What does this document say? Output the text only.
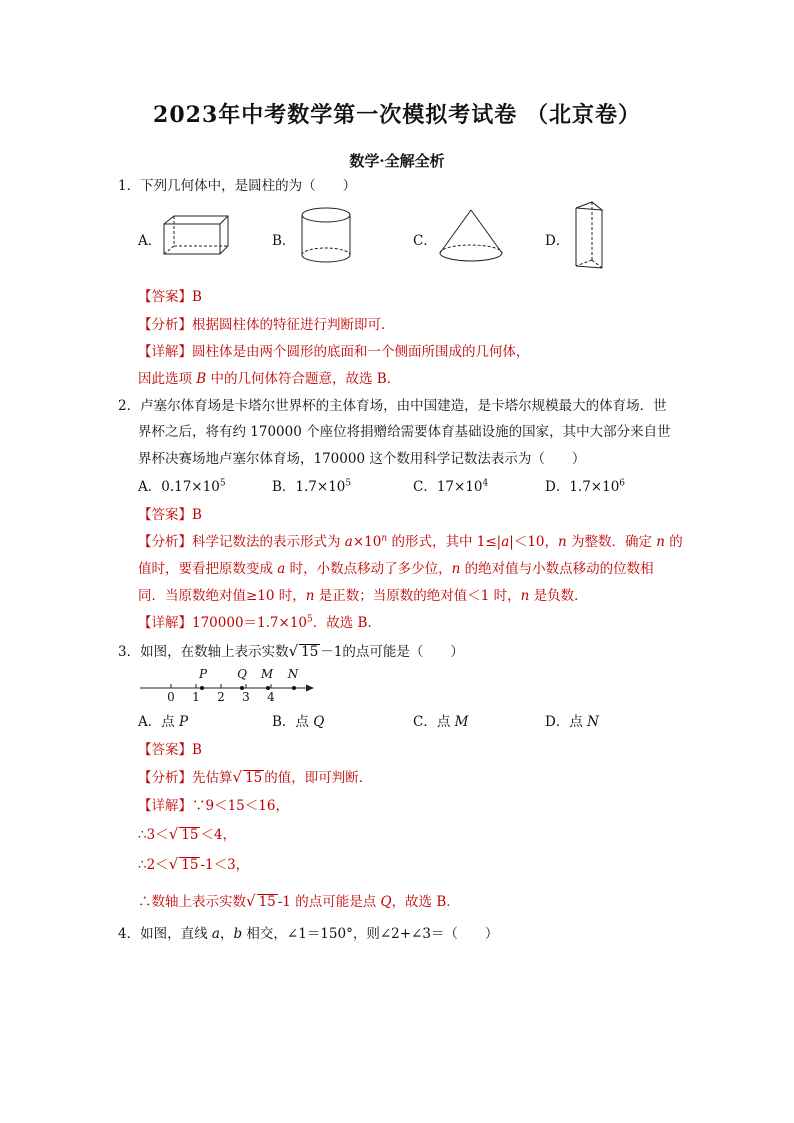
2023年中考数学第一次模拟考试卷 （北京卷）
数学·全解全析
1．下列几何体中，是圆柱的为（　　）
A．	B．	C．	D．
【答案】B
【分析】根据圆柱体的特征进行判断即可．
【详解】圆柱体是由两个圆形的底面和一个侧面所围成的几何体，
因此选项 B 中的几何体符合题意，故选 B．
2．卢塞尔体育场是卡塔尔世界杯的主体育场，由中国建造，是卡塔尔规模最大的体育场．世
界杯之后，将有约 170000 个座位将捐赠给需要体育基础设施的国家，其中大部分来自世
界杯决赛场地卢塞尔体育场，170000 这个数用科学记数法表示为（　　）
A．$0.17\times 10^5$	B．$1.7\times 10^5$	C．$17\times 10^4$	D．$1.7\times 10^6$
【答案】B
【分析】科学记数法的表示形式为 $a\times 10^n$ 的形式，其中 1≤|a|＜10，n 为整数．确定 n 的
值时，要看把原数变成 a 时，小数点移动了多少位，n 的绝对值与小数点移动的位数相
同．当原数绝对值≥10 时，n 是正数；当原数的绝对值＜1 时，n 是负数．
【详解】$170000=1.7\times 10^5$．故选 B．
3．如图，在数轴上表示实数√ 15 －1的点可能是（　　）
0 1 2 3 4
P	Q M N
A．点 P	B．点 Q	C．点 M	D．点 N
【答案】B
【分析】先估算√ 15 的值，即可判断．
【详解】∵9＜15＜16，
∴3＜√ 15 ＜4，
∴2＜√ 15 -1＜3，
∴数轴上表示实数√ 15 -1 的点可能是点 Q，故选 B．
4．如图，直线 a，b 相交，∠1＝150°，则∠2+∠3＝（　　）
